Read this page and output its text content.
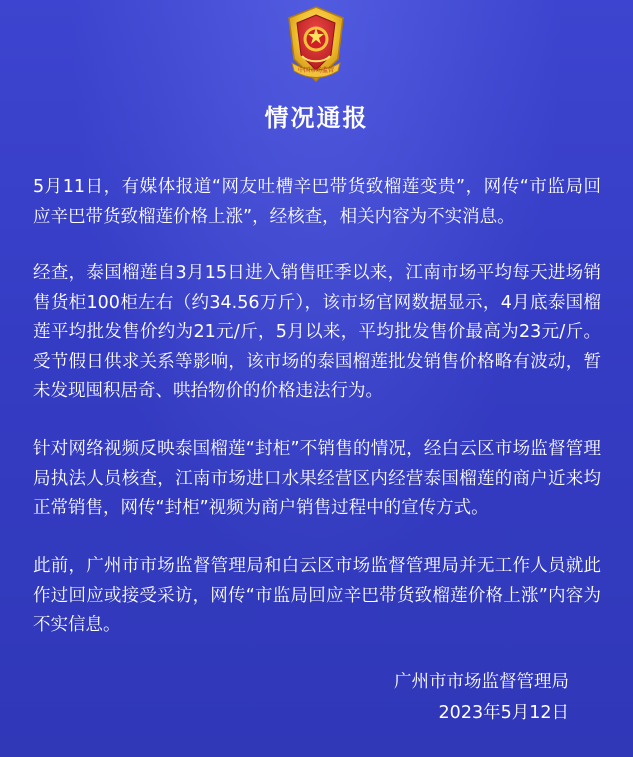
中国市场监管
情况通报

5月11日，有媒体报道“网友吐槽辛巴带货致榴莲变贵”，网传“市监局回应辛巴带货致榴莲价格上涨”，经核查，相关内容为不实消息。

经查，泰国榴莲自3月15日进入销售旺季以来，江南市场平均每天进场销售货柜100柜左右（约34.56万斤），该市场官网数据显示，4月底泰国榴莲平均批发售价约为21元/斤，5月以来，平均批发售价最高为23元/斤。受节假日供求关系等影响，该市场的泰国榴莲批发销售价格略有波动，暂未发现囤积居奇、哄抬物价的价格违法行为。

针对网络视频反映泰国榴莲“封柜”不销售的情况，经白云区市场监督管理局执法人员核查，江南市场进口水果经营区内经营泰国榴莲的商户近来均正常销售，网传“封柜”视频为商户销售过程中的宣传方式。

此前，广州市市场监督管理局和白云区市场监督管理局并无工作人员就此作过回应或接受采访，网传“市监局回应辛巴带货致榴莲价格上涨”内容为不实信息。

广州市市场监督管理局
2023年5月12日
